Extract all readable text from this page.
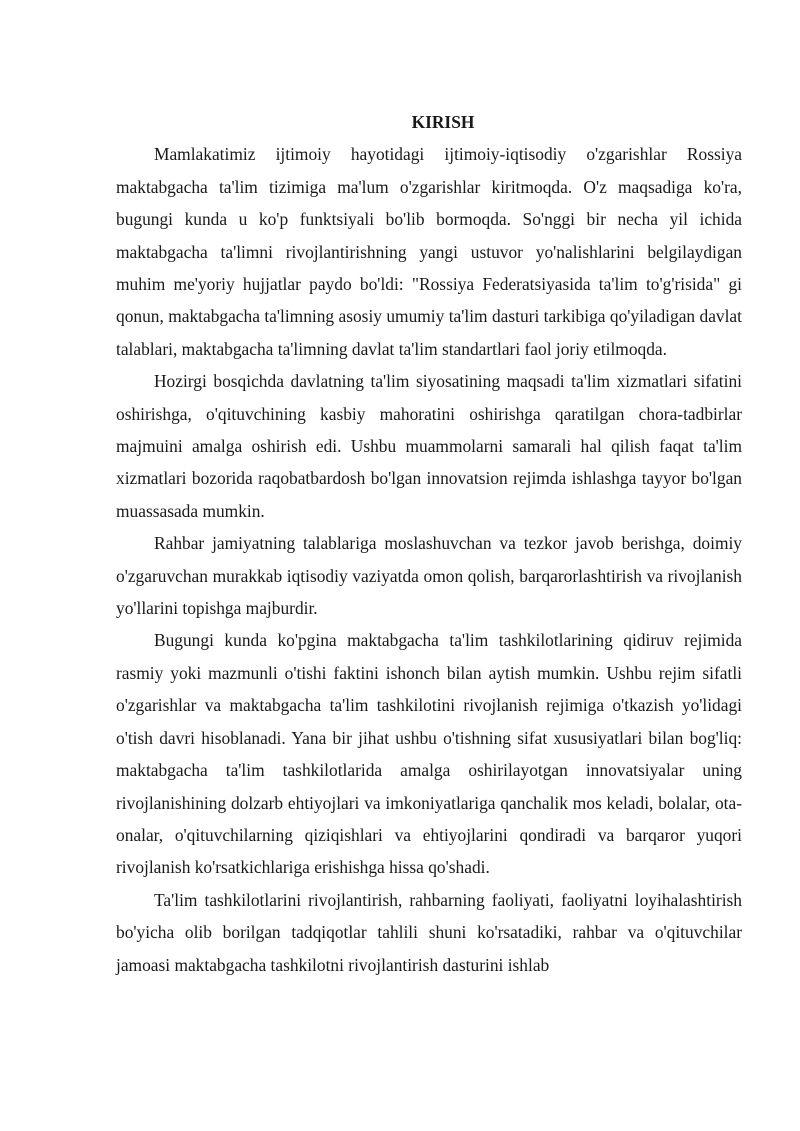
KIRISH

Mamlakatimiz ijtimoiy hayotidagi ijtimoiy-iqtisodiy o'zgarishlar Rossiya maktabgacha ta'lim tizimiga ma'lum o'zgarishlar kiritmoqda. O'z maqsadiga ko'ra, bugungi kunda u ko'p funktsiyali bo'lib bormoqda. So'nggi bir necha yil ichida maktabgacha ta'limni rivojlantirishning yangi ustuvor yo'nalishlarini belgilaydigan muhim me'yoriy hujjatlar paydo bo'ldi: "Rossiya Federatsiyasida ta'lim to'g'risida" gi qonun, maktabgacha ta'limning asosiy umumiy ta'lim dasturi tarkibiga qo'yiladigan davlat talablari, maktabgacha ta'limning davlat ta'lim standartlari faol joriy etilmoqda.

Hozirgi bosqichda davlatning ta'lim siyosatining maqsadi ta'lim xizmatlari sifatini oshirishga, o'qituvchining kasbiy mahoratini oshirishga qaratilgan chora-tadbirlar majmuini amalga oshirish edi. Ushbu muammolarni samarali hal qilish faqat ta'lim xizmatlari bozorida raqobatbardosh bo'lgan innovatsion rejimda ishlashga tayyor bo'lgan muassasada mumkin.

Rahbar jamiyatning talablariga moslashuvchan va tezkor javob berishga, doimiy o'zgaruvchan murakkab iqtisodiy vaziyatda omon qolish, barqarorlashtirish va rivojlanish yo'llarini topishga majburdir.

Bugungi kunda ko'pgina maktabgacha ta'lim tashkilotlarining qidiruv rejimida rasmiy yoki mazmunli o'tishi faktini ishonch bilan aytish mumkin. Ushbu rejim sifatli o'zgarishlar va maktabgacha ta'lim tashkilotini rivojlanish rejimiga o'tkazish yo'lidagi o'tish davri hisoblanadi. Yana bir jihat ushbu o'tishning sifat xususiyatlari bilan bog'liq: maktabgacha ta'lim tashkilotlarida amalga oshirilayotgan innovatsiyalar uning rivojlanishining dolzarb ehtiyojlari va imkoniyatlariga qanchalik mos keladi, bolalar, ota-onalar, o'qituvchilarning qiziqishlari va ehtiyojlarini qondiradi va barqaror yuqori rivojlanish ko'rsatkichlariga erishishga hissa qo'shadi.

Ta'lim tashkilotlarini rivojlantirish, rahbarning faoliyati, faoliyatni loyihalashtirish bo'yicha olib borilgan tadqiqotlar tahlili shuni ko'rsatadiki, rahbar va o'qituvchilar jamoasi maktabgacha tashkilotni rivojlantirish dasturini ishlab
